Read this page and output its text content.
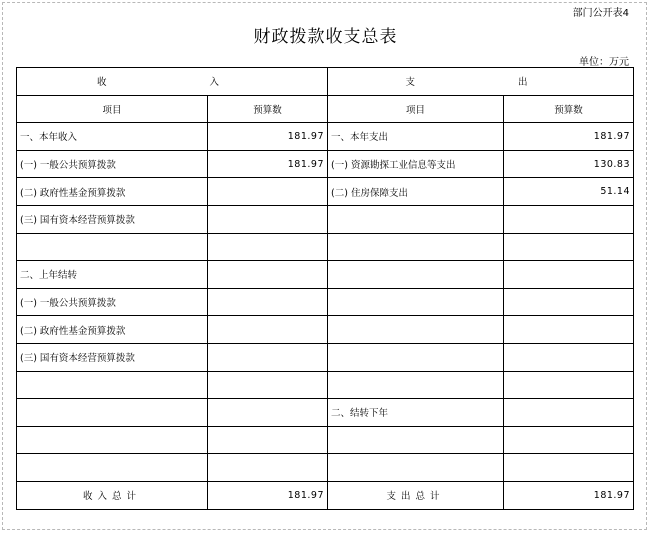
部门公开表4
财政拨款收支总表
单位：万元
收　　入		支　　出	
项目	预算数	项目	预算数
一、本年收入	181.97	一、本年支出	181.97
(一) 一般公共预算拨款	181.97	(一) 资源勘探工业信息等支出	130.83
(二) 政府性基金预算拨款		(二) 住房保障支出	51.14
(三) 国有资本经营预算拨款			

二、上年结转			
(一) 一般公共预算拨款			
(二) 政府性基金预算拨款			
(三) 国有资本经营预算拨款			

		二、结转下年	

收入总计	181.97	支出总计	181.97
